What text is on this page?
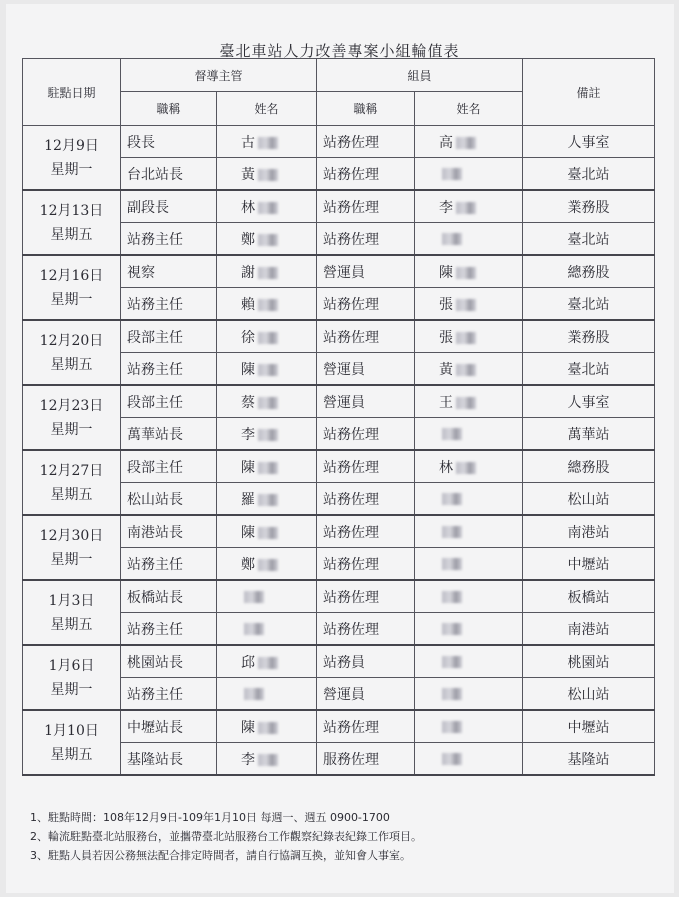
臺北車站人力改善專案小組輪值表
駐點日期	督導主管		組員		備註
	職稱	姓名	職稱	姓名	

12月9日
星期一	段長	古	站務佐理	高	人事室
	台北站長	黃	站務佐理		臺北站

12月13日
星期五	副段長	林	站務佐理	李	業務股
	站務主任	鄭	站務佐理		臺北站

12月16日
星期一	視察	謝	營運員	陳	總務股
	站務主任	賴	站務佐理	張	臺北站

12月20日
星期五	段部主任	徐	站務佐理	張	業務股
	站務主任	陳	營運員	黃	臺北站

12月23日
星期一	段部主任	蔡	營運員	王	人事室
	萬華站長	李	站務佐理		萬華站

12月27日
星期五	段部主任	陳	站務佐理	林	總務股
	松山站長	羅	站務佐理		松山站

12月30日
星期一	南港站長	陳	站務佐理		南港站
	站務主任	鄭	站務佐理		中壢站

1月3日
星期五	板橋站長		站務佐理		板橋站
	站務主任		站務佐理		南港站

1月6日
星期一	桃園站長	邱	站務員		桃園站
	站務主任		營運員		松山站

1月10日
星期五	中壢站長	陳	站務佐理		中壢站
	基隆站長	李	服務佐理		基隆站
1、駐點時間：108年12月9日-109年1月10日 每週一、週五 0900-1700
2、輪流駐點臺北站服務台，並攜帶臺北站服務台工作觀察紀錄表紀錄工作項目。
3、駐點人員若因公務無法配合排定時間者，請自行協調互換，並知會人事室。
